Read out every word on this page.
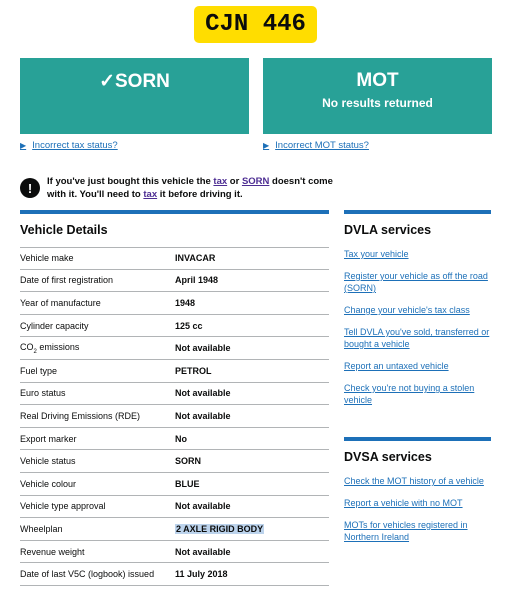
CJN 446
✓SORN	MOT
No results returned
▶ Incorrect tax status?	▶ Incorrect MOT status?
!	If you've just bought this vehicle the tax or SORN doesn't come with it. You'll need to tax it before driving it.
Vehicle Details
Vehicle make	INVACAR
Date of first registration	April 1948
Year of manufacture	1948
Cylinder capacity	125 cc
$CO_2$ emissions	Not available
Fuel type	PETROL
Euro status	Not available
Real Driving Emissions (RDE)	Not available
Export marker	No
Vehicle status	SORN
Vehicle colour	BLUE
Vehicle type approval	Not available
Wheelplan	2 AXLE RIGID BODY
Revenue weight	Not available
Date of last V5C (logbook) issued	11 July 2018
DVLA services
Tax your vehicle
Register your vehicle as off the road (SORN)
Change your vehicle's tax class
Tell DVLA you've sold, transferred or bought a vehicle
Report an untaxed vehicle
Check you're not buying a stolen vehicle
DVSA services
Check the MOT history of a vehicle
Report a vehicle with no MOT
MOTs for vehicles registered in Northern Ireland
